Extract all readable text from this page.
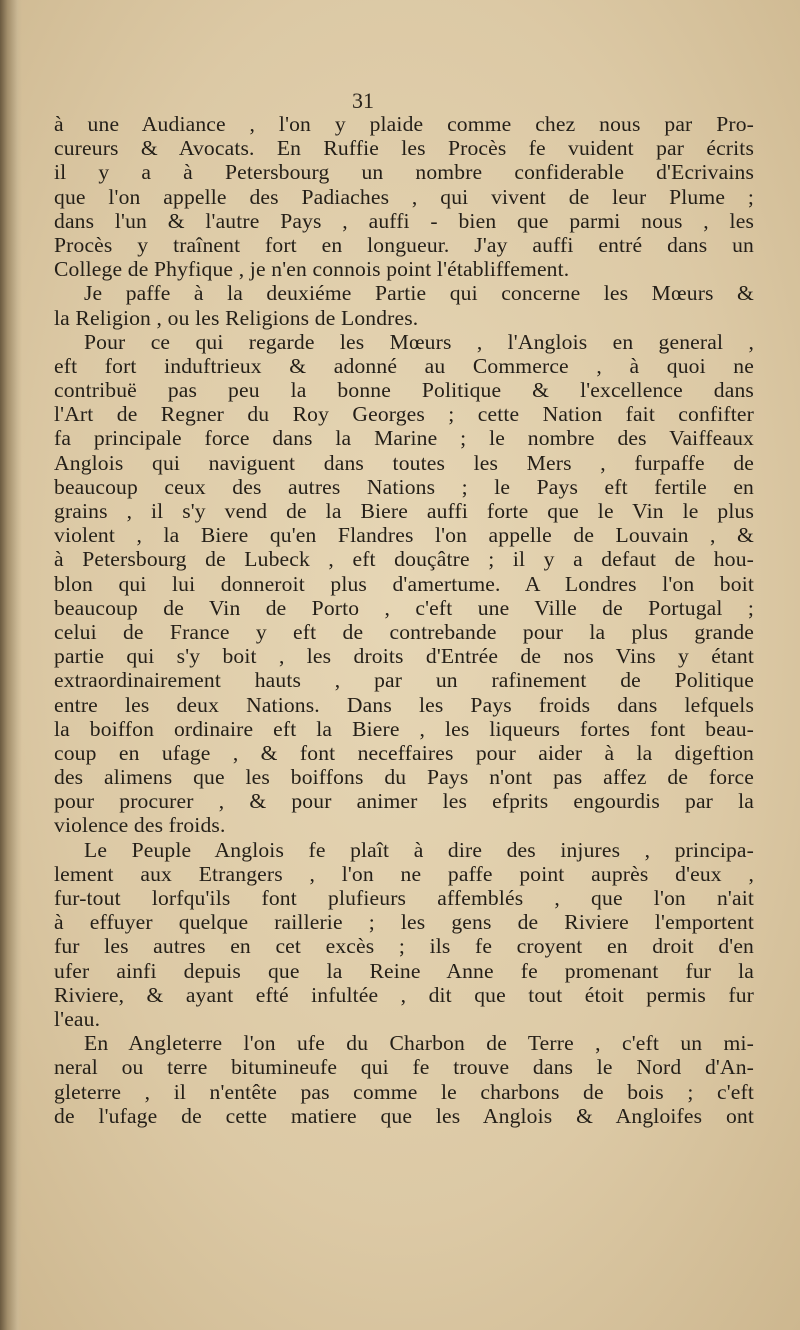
31
à une Audiance , l'on y plaide comme chez nous par Pro-
cureurs & Avocats. En Ruffie les Procès fe vuident par écrits
il y a à Petersbourg un nombre confiderable d'Ecrivains
que l'on appelle des Padiaches , qui vivent de leur Plume ;
dans l'un & l'autre Pays , auffi - bien que parmi nous , les
Procès y traînent fort en longueur. J'ay auffi entré dans un
College de Phyfique , je n'en connois point l'établiffement.
Je paffe à la deuxiéme Partie qui concerne les Mœurs &
la Religion , ou les Religions de Londres.
Pour ce qui regarde les Mœurs , l'Anglois en general ,
eft fort induftrieux & adonné au Commerce , à quoi ne
contribuë pas peu la bonne Politique & l'excellence dans
l'Art de Regner du Roy Georges ; cette Nation fait confifter
fa principale force dans la Marine ; le nombre des Vaiffeaux
Anglois qui naviguent dans toutes les Mers , furpaffe de
beaucoup ceux des autres Nations ; le Pays eft fertile en
grains , il s'y vend de la Biere auffi forte que le Vin le plus
violent , la Biere qu'en Flandres l'on appelle de Louvain , &
à Petersbourg de Lubeck , eft douçâtre ; il y a defaut de hou-
blon qui lui donneroit plus d'amertume. A Londres l'on boit
beaucoup de Vin de Porto , c'eft une Ville de Portugal ;
celui de France y eft de contrebande pour la plus grande
partie qui s'y boit , les droits d'Entrée de nos Vins y étant
extraordinairement hauts , par un rafinement de Politique
entre les deux Nations. Dans les Pays froids dans lefquels
la boiffon ordinaire eft la Biere , les liqueurs fortes font beau-
coup en ufage , & font neceffaires pour aider à la digeftion
des alimens que les boiffons du Pays n'ont pas affez de force
pour procurer , & pour animer les efprits engourdis par la
violence des froids.
Le Peuple Anglois fe plaît à dire des injures , principa-
lement aux Etrangers , l'on ne paffe point auprès d'eux ,
fur-tout lorfqu'ils font plufieurs affemblés , que l'on n'ait
à effuyer quelque raillerie ; les gens de Riviere l'emportent
fur les autres en cet excès ; ils fe croyent en droit d'en
ufer ainfi depuis que la Reine Anne fe promenant fur la
Riviere, & ayant efté infultée , dit que tout étoit permis fur
l'eau.
En Angleterre l'on ufe du Charbon de Terre , c'eft un mi-
neral ou terre bitumineufe qui fe trouve dans le Nord d'An-
gleterre , il n'entête pas comme le charbons de bois ; c'eft
de l'ufage de cette matiere que les Anglois & Angloifes ont
